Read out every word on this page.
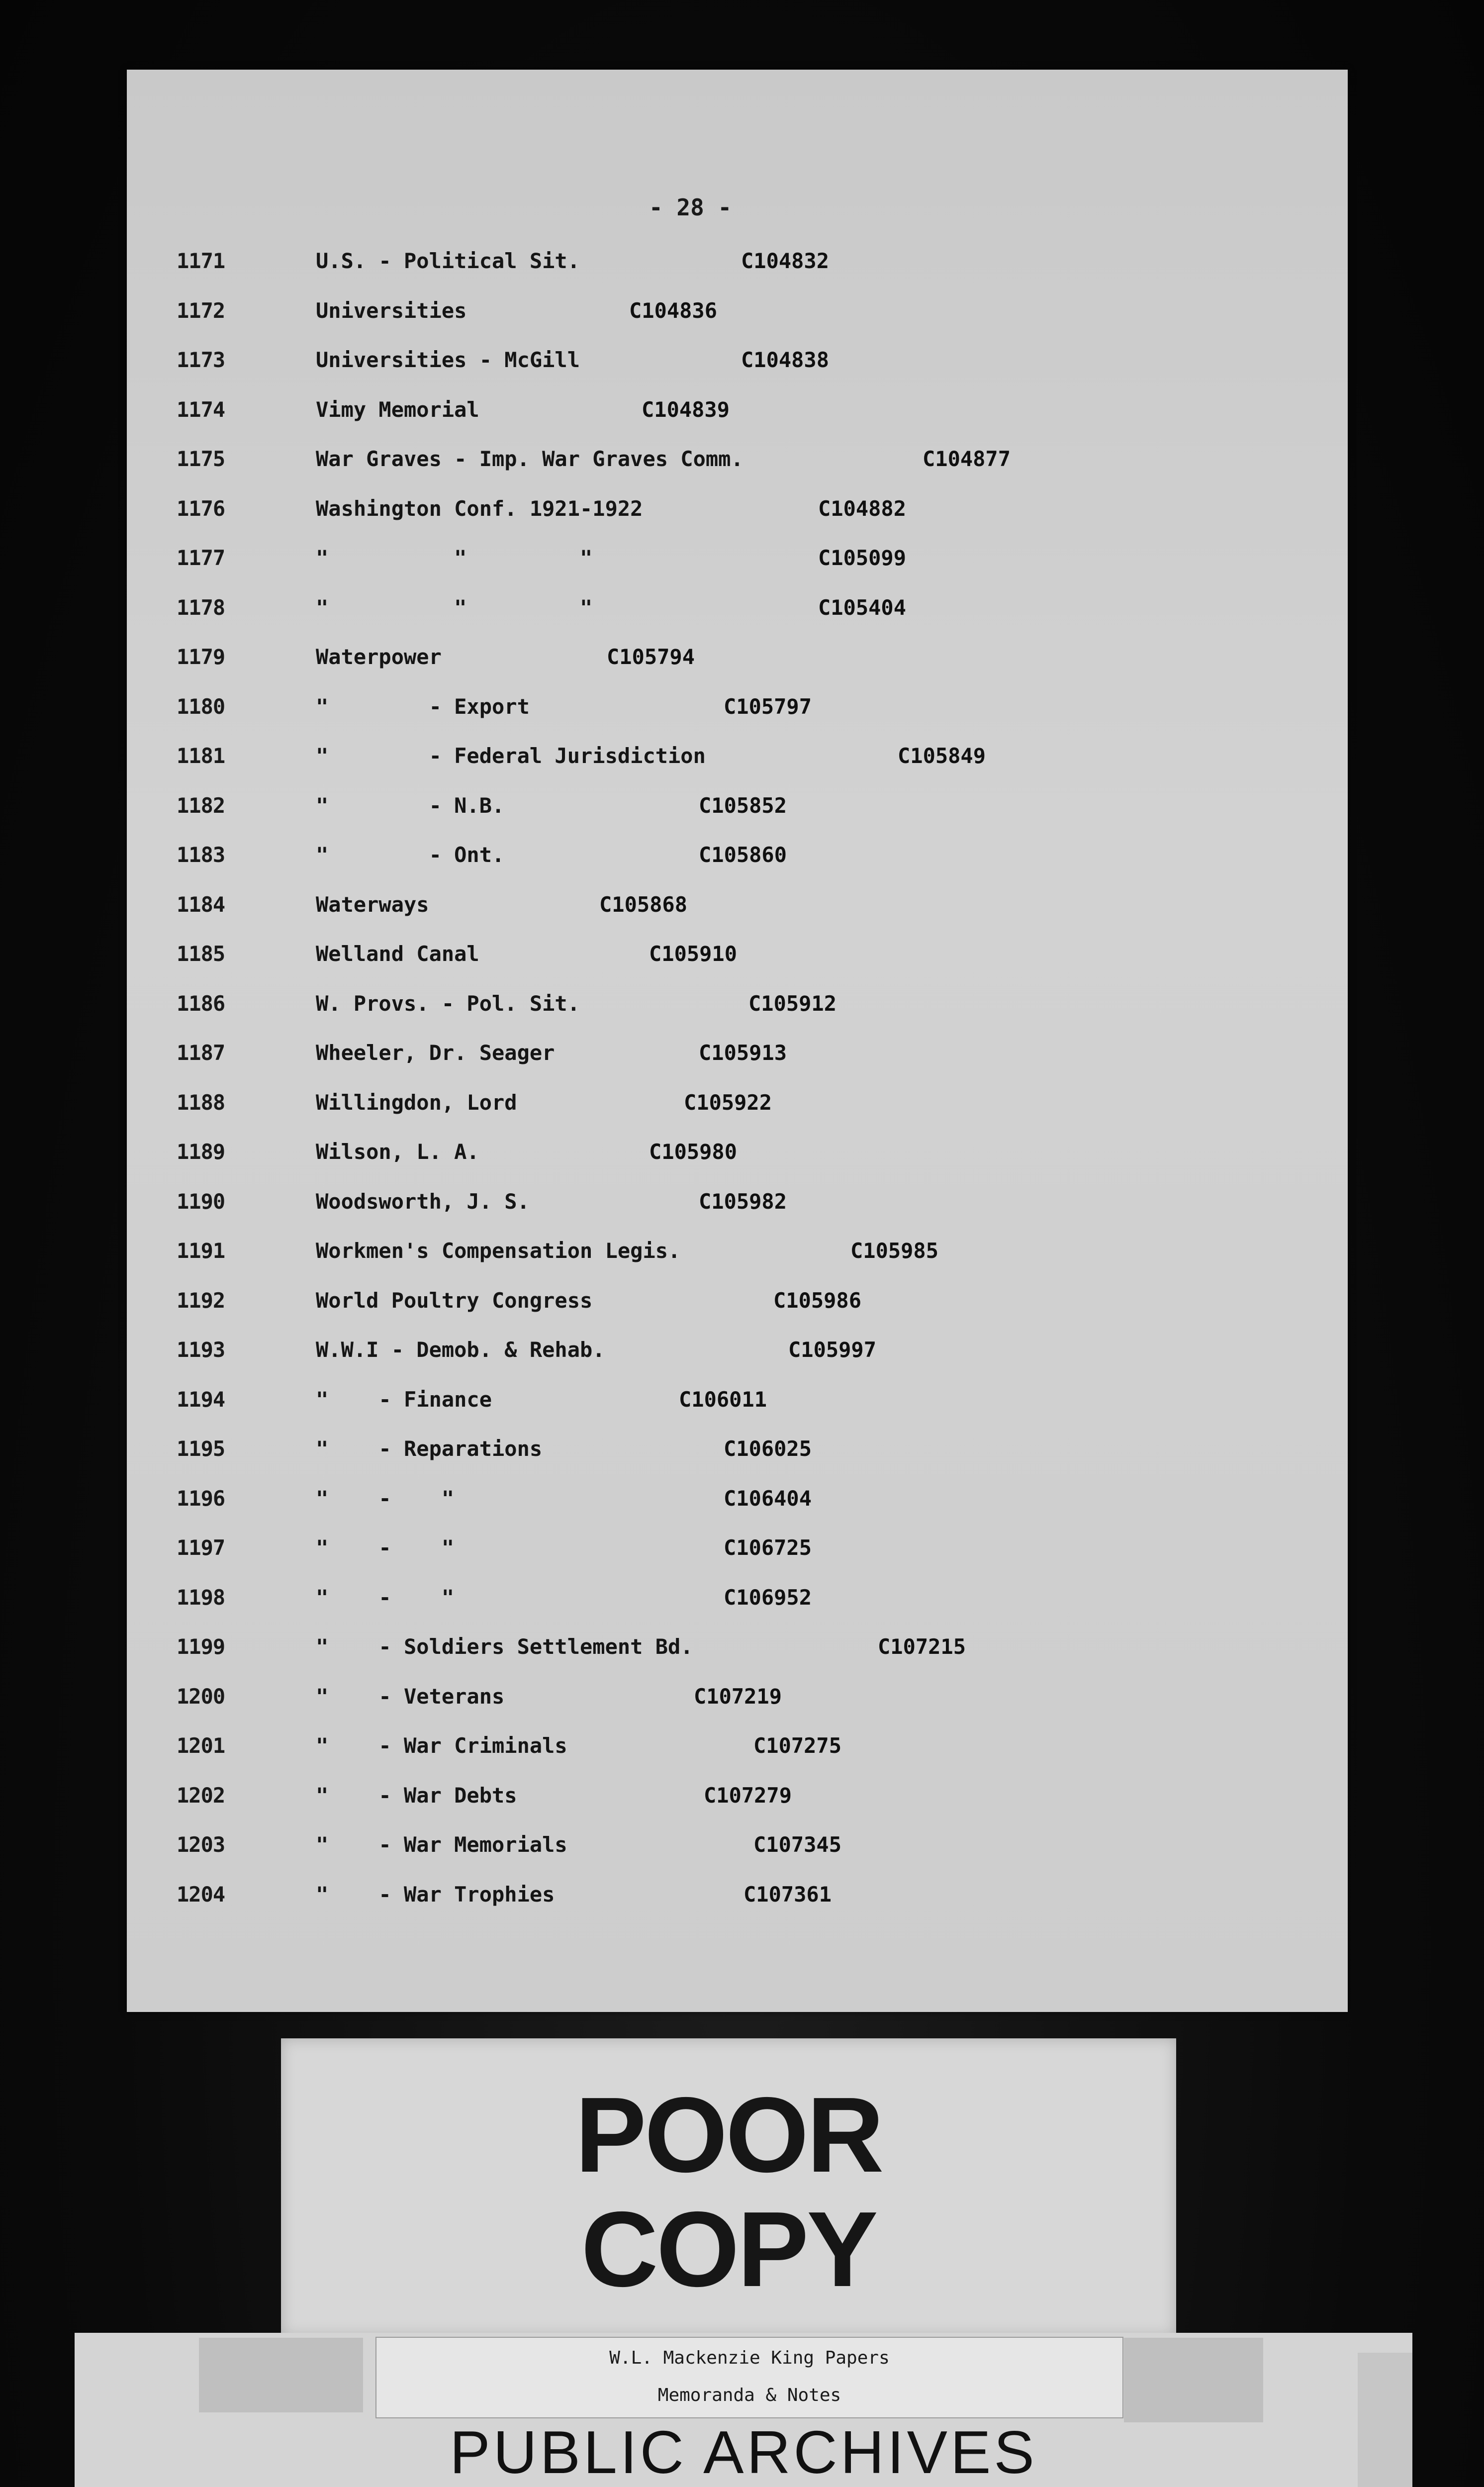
- 28 -
1171	U.S. - Political Sit.	C104832
1172	Universities	C104836
1173	Universities - McGill	C104838
1174	Vimy Memorial	C104839
1175	War Graves - Imp. War Graves Comm.	C104877
1176	Washington Conf. 1921-1922	C104882
1177	"          "         "	C105099
1178	"          "         "	C105404
1179	Waterpower	C105794
1180	"        - Export	C105797
1181	"        - Federal Jurisdiction	C105849
1182	"        - N.B.	C105852
1183	"        - Ont.	C105860
1184	Waterways	C105868
1185	Welland Canal	C105910
1186	W. Provs. - Pol. Sit.	C105912
1187	Wheeler, Dr. Seager	C105913
1188	Willingdon, Lord	C105922
1189	Wilson, L. A.	C105980
1190	Woodsworth, J. S.	C105982
1191	Workmen's Compensation Legis.	C105985
1192	World Poultry Congress	C105986
1193	W.W.I - Demob. & Rehab.	C105997
1194	"    - Finance	C106011
1195	"    - Reparations	C106025
1196	"    -    "	C106404
1197	"    -    "	C106725
1198	"    -    "	C106952
1199	"    - Soldiers Settlement Bd.	C107215
1200	"    - Veterans	C107219
1201	"    - War Criminals	C107275
1202	"    - War Debts	C107279
1203	"    - War Memorials	C107345
1204	"    - War Trophies	C107361
POOR
COPY
W.L. Mackenzie King Papers
Memoranda & Notes
PUBLIC ARCHIVES
